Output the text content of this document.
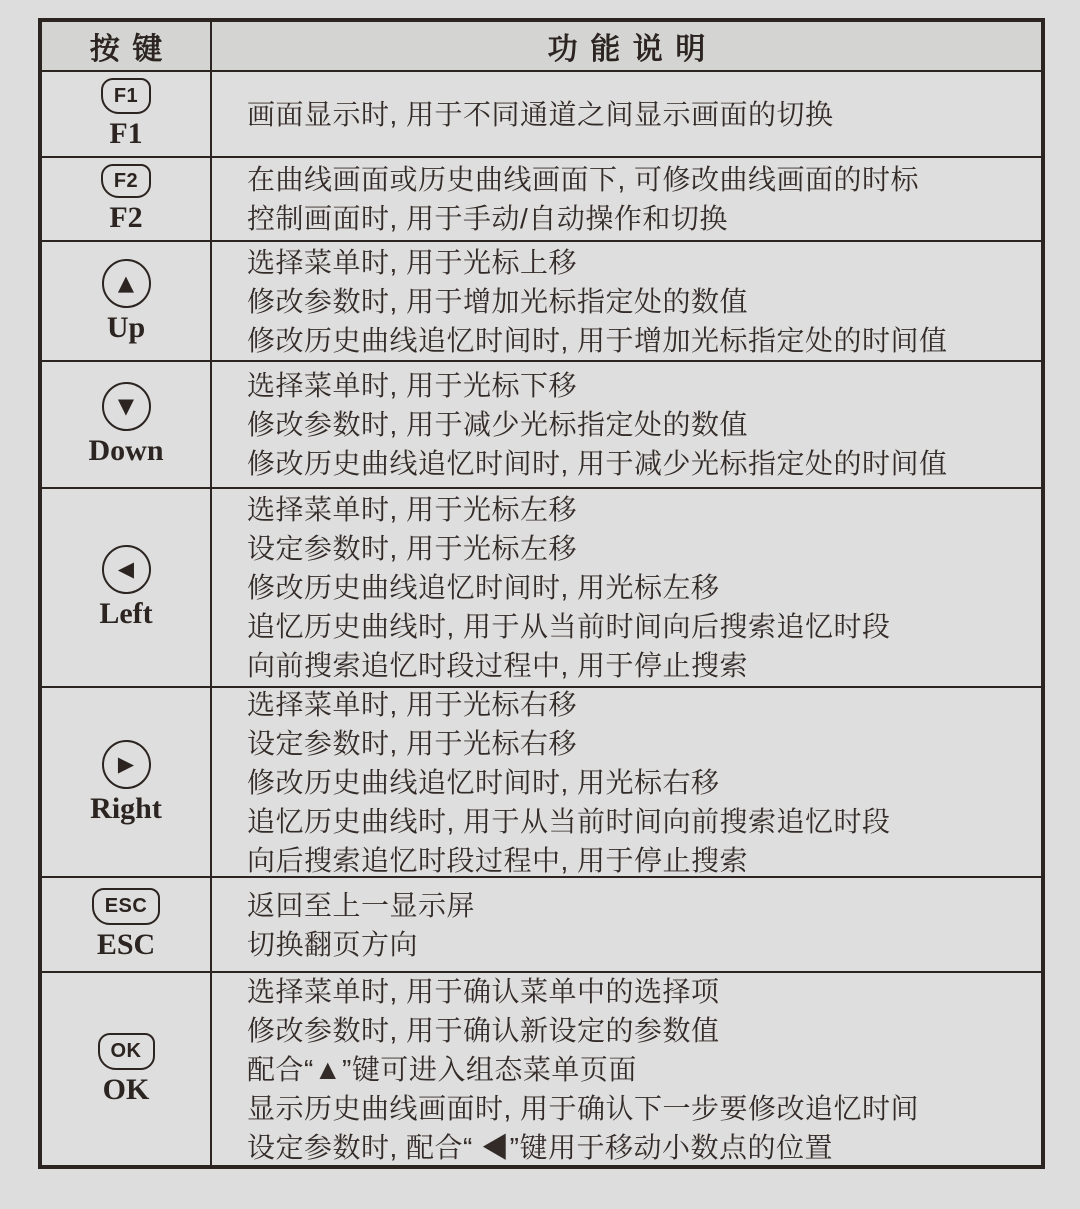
按键	功能说明
F1
F1
画面显示时, 用于不同通道之间显示画面的切换
F2
F2
在曲线画面或历史曲线画面下, 可修改曲线画面的时标
控制画面时, 用于手动/自动操作和切换
▲
Up
选择菜单时, 用于光标上移
修改参数时, 用于增加光标指定处的数值
修改历史曲线追忆时间时, 用于增加光标指定处的时间值
▼
Down
选择菜单时, 用于光标下移
修改参数时, 用于减少光标指定处的数值
修改历史曲线追忆时间时, 用于减少光标指定处的时间值
◀
Left
选择菜单时, 用于光标左移
设定参数时, 用于光标左移
修改历史曲线追忆时间时, 用光标左移
追忆历史曲线时, 用于从当前时间向后搜索追忆时段
向前搜索追忆时段过程中, 用于停止搜索
▶
Right
选择菜单时, 用于光标右移
设定参数时, 用于光标右移
修改历史曲线追忆时间时, 用光标右移
追忆历史曲线时, 用于从当前时间向前搜索追忆时段
向后搜索追忆时段过程中, 用于停止搜索
ESC
ESC
返回至上一显示屏
切换翻页方向
OK
OK
选择菜单时, 用于确认菜单中的选择项
修改参数时, 用于确认新设定的参数值
配合“▲”键可进入组态菜单页面
显示历史曲线画面时, 用于确认下一步要修改追忆时间
设定参数时, 配合“ ◀”键用于移动小数点的位置
